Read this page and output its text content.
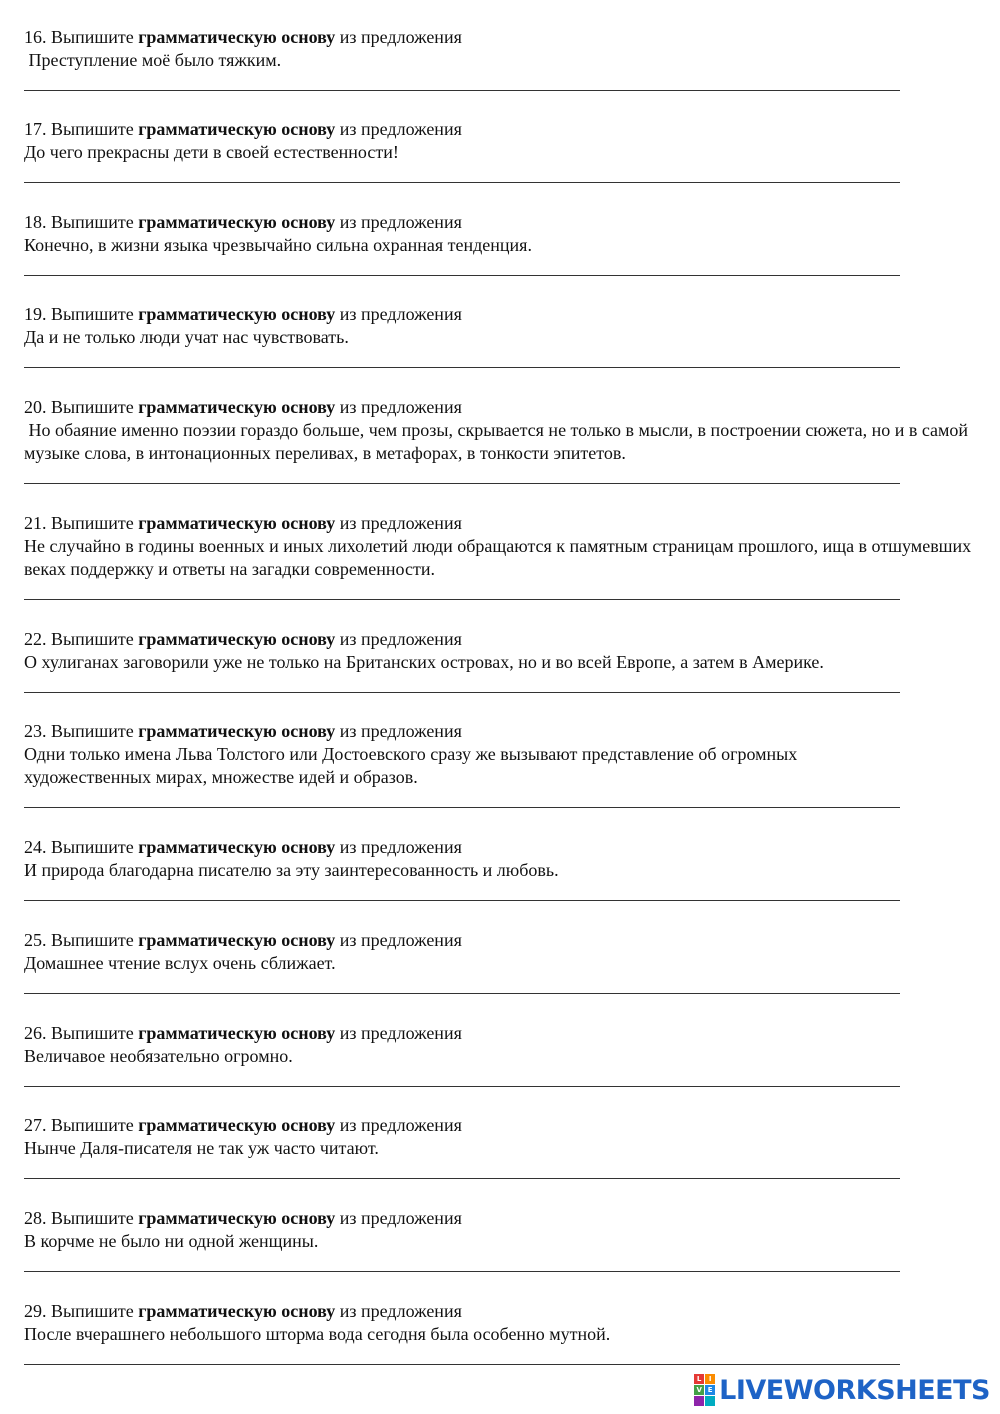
16. Выпишите грамматическую основу из предложения
Преступление моё было тяжким.
17. Выпишите грамматическую основу из предложения
До чего прекрасны дети в своей естественности!
18. Выпишите грамматическую основу из предложения
Конечно, в жизни языка чрезвычайно сильна охранная тенденция.
19. Выпишите грамматическую основу из предложения
Да и не только люди учат нас чувствовать.
20. Выпишите грамматическую основу из предложения
Но обаяние именно поэзии гораздо больше, чем прозы, скрывается не только в мысли, в построении сюжета, но и в самой музыке слова, в интонационных переливах, в метафорах, в тонкости эпитетов.
21. Выпишите грамматическую основу из предложения
Не случайно в годины военных и иных лихолетий люди обращаются к памятным страницам прошлого, ища в отшумевших веках поддержку и ответы на загадки современности.
22. Выпишите грамматическую основу из предложения
О хулиганах заговорили уже не только на Британских островах, но и во всей Европе, а затем в Америке.
23. Выпишите грамматическую основу из предложения
Одни только имена Льва Толстого или Достоевского сразу же вызывают представление об огромных художественных мирах, множестве идей и образов.
24. Выпишите грамматическую основу из предложения
И природа благодарна писателю за эту заинтересованность и любовь.
25. Выпишите грамматическую основу из предложения
Домашнее чтение вслух очень сближает.
26. Выпишите грамматическую основу из предложения
Величавое необязательно огромно.
27. Выпишите грамматическую основу из предложения
Нынче Даля-писателя не так уж часто читают.
28. Выпишите грамматическую основу из предложения
В корчме не было ни одной женщины.
29. Выпишите грамматическую основу из предложения
После вчерашнего небольшого шторма вода сегодня была особенно мутной.
L	I
V E LIVEWORKSHEETS
